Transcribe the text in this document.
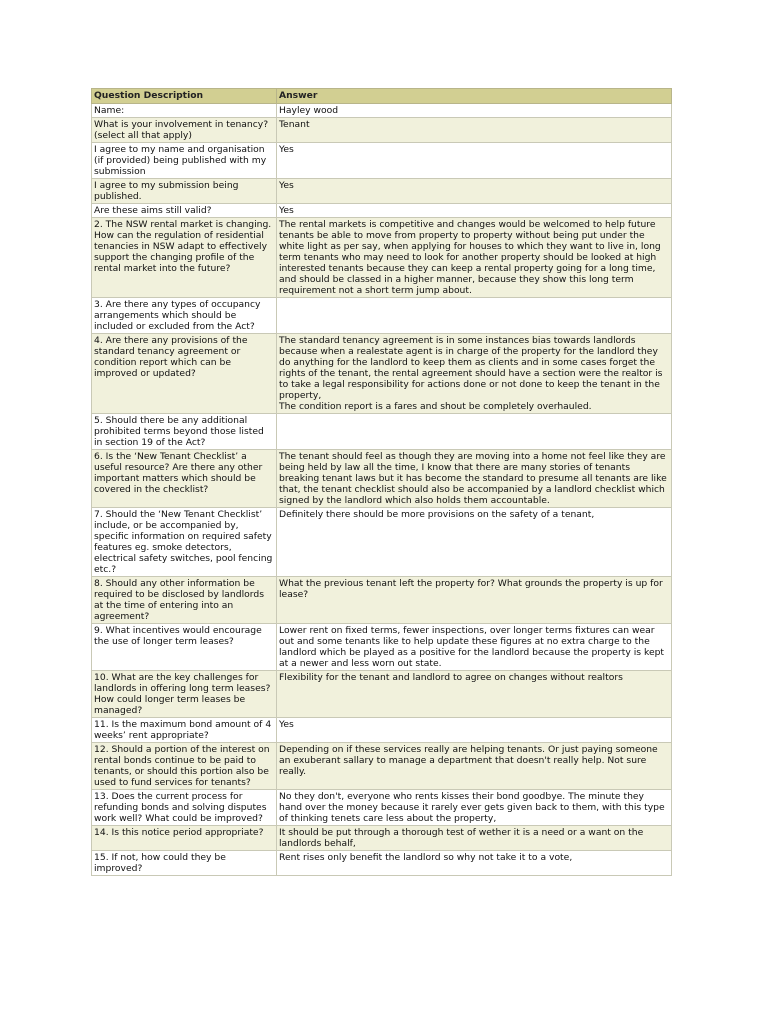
Question Description	Answer
Name:	Hayley wood
What is your involvement in tenancy? (select all that apply)	Tenant
I agree to my name and organisation (if provided) being published with my submission	Yes
I agree to my submission being published.	Yes
Are these aims still valid?	Yes
2. The NSW rental market is changing. How can the regulation of residential tenancies in NSW adapt to effectively support the changing profile of the rental market into the future?	The rental markets is competitive and changes would be welcomed to help future tenants be able to move from property to property without being put under the white light as per say, when applying for houses to which they want to live in, long term tenants who may need to look for another property should be looked at high interested tenants because they can keep a rental property going for a long time, and should be classed in a higher manner, because they show this long term requirement not a short term jump about.
3. Are there any types of occupancy arrangements which should be included or excluded from the Act?	
4. Are there any provisions of the standard tenancy agreement or condition report which can be improved or updated?	The standard tenancy agreement is in some instances bias towards landlords because when a realestate agent is in charge of the property for the landlord they do anything for the landlord to keep them as clients and in some cases forget the rights of the tenant, the rental agreement should have a section were the realtor is to take a legal responsibility for actions done or not done to keep the tenant in the property,
The condition report is a fares and shout be completely overhauled.
5. Should there be any additional prohibited terms beyond those listed in section 19 of the Act?	
6. Is the ‘New Tenant Checklist’ a useful resource? Are there any other important matters which should be covered in the checklist?	The tenant should feel as though they are moving into a home not feel like they are being held by law all the time, I know that there are many stories of tenants breaking tenant laws but it has become the standard to presume all tenants are like that, the tenant checklist should also be accompanied by a landlord checklist which signed by the landlord which also holds them accountable.
7. Should the ‘New Tenant Checklist’ include, or be accompanied by, specific information on required safety features eg. smoke detectors, electrical safety switches, pool fencing etc.?	Definitely there should be more provisions on the safety of a tenant,
8. Should any other information be required to be disclosed by landlords at the time of entering into an agreement?	What the previous tenant left the property for? What grounds the property is up for lease?
9. What incentives would encourage the use of longer term leases?	Lower rent on fixed terms, fewer inspections, over longer terms fixtures can wear out and some tenants like to help update these figures at no extra charge to the landlord which be played as a positive for the landlord because the property is kept at a newer and less worn out state.
10. What are the key challenges for landlords in offering long term leases? How could longer term leases be managed?	Flexibility for the tenant and landlord to agree on changes without realtors
11. Is the maximum bond amount of 4 weeks’ rent appropriate?	Yes
12. Should a portion of the interest on rental bonds continue to be paid to tenants, or should this portion also be used to fund services for tenants?	Depending on if these services really are helping tenants. Or just paying someone an exuberant sallary to manage a department that doesn't really help. Not sure really.
13. Does the current process for refunding bonds and solving disputes work well? What could be improved?	No they don't, everyone who rents kisses their bond goodbye. The minute they hand over the money because it rarely ever gets given back to them, with this type of thinking tenets care less about the property,
14. Is this notice period appropriate?	It should be put through a thorough test of wether it is a need or a want on the landlords behalf,
15. If not, how could they be improved?	Rent rises only benefit the landlord so why not take it to a vote,
